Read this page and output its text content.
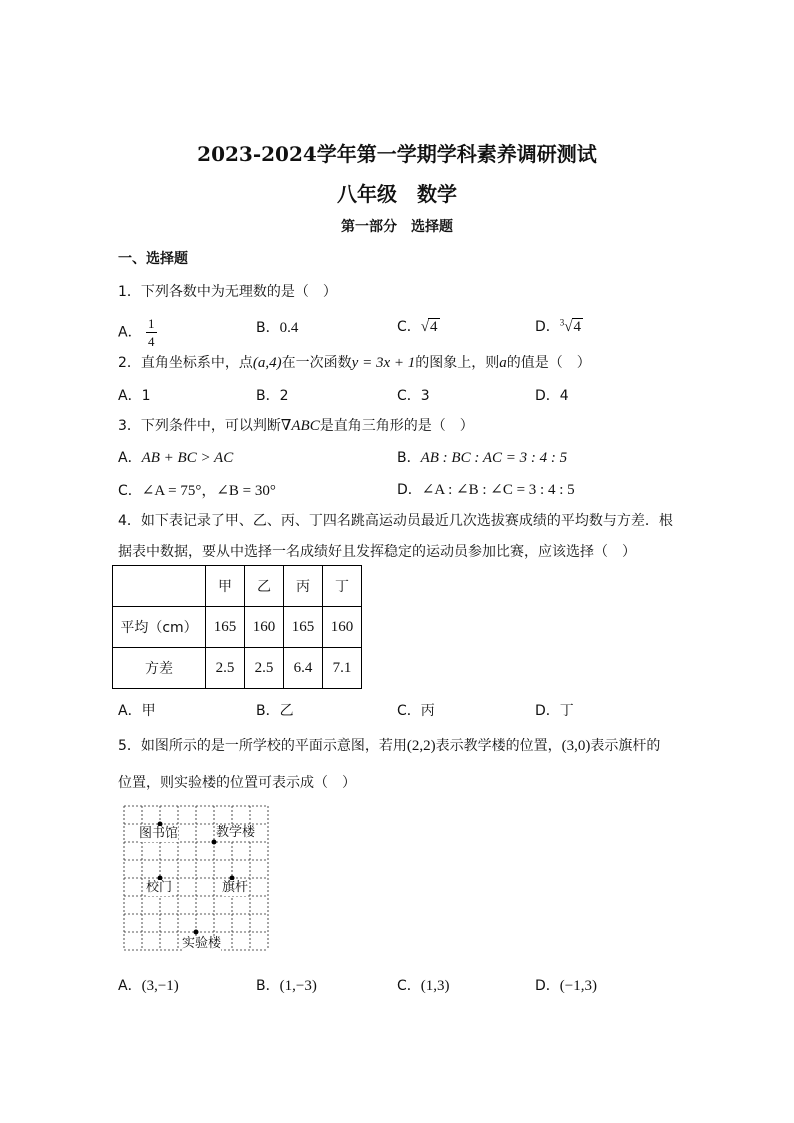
2023-2024学年第一学期学科素养调研测试
八年级　数学
第一部分　选择题
一、选择题
1．下列各数中为无理数的是（　）
A． $\frac{1}{4}$	B．0.4	C．√4	D．$^3$√4
2．直角坐标系中，点(a,4)在一次函数y = 3x + 1的图象上，则a的值是（　）
A．1	B．2	C．3	D．4
3．下列条件中，可以判断∇ABC是直角三角形的是（　）
A．AB + BC > AC	B．AB : BC : AC = 3 : 4 : 5
C．∠A = 75°，∠B = 30°	D．∠A : ∠B : ∠C = 3 : 4 : 5
4．如下表记录了甲、乙、丙、丁四名跳高运动员最近几次选拔赛成绩的平均数与方差．根
据表中数据，要从中选择一名成绩好且发挥稳定的运动员参加比赛，应该选择（　）
	甲	乙	丙	丁
平均（cm）	165	160	165	160
方差	2.5	2.5	6.4	7.1
A．甲	B．乙	C．丙	D．丁
5．如图所示的是一所学校的平面示意图，若用(2,2)表示教学楼的位置，(3,0)表示旗杆的
位置，则实验楼的位置可表示成（　）
图书馆	教学楼
校门	旗杆
实验楼
A．(3,−1)	B．(1,−3)	C．(1,3)	D．(−1,3)
